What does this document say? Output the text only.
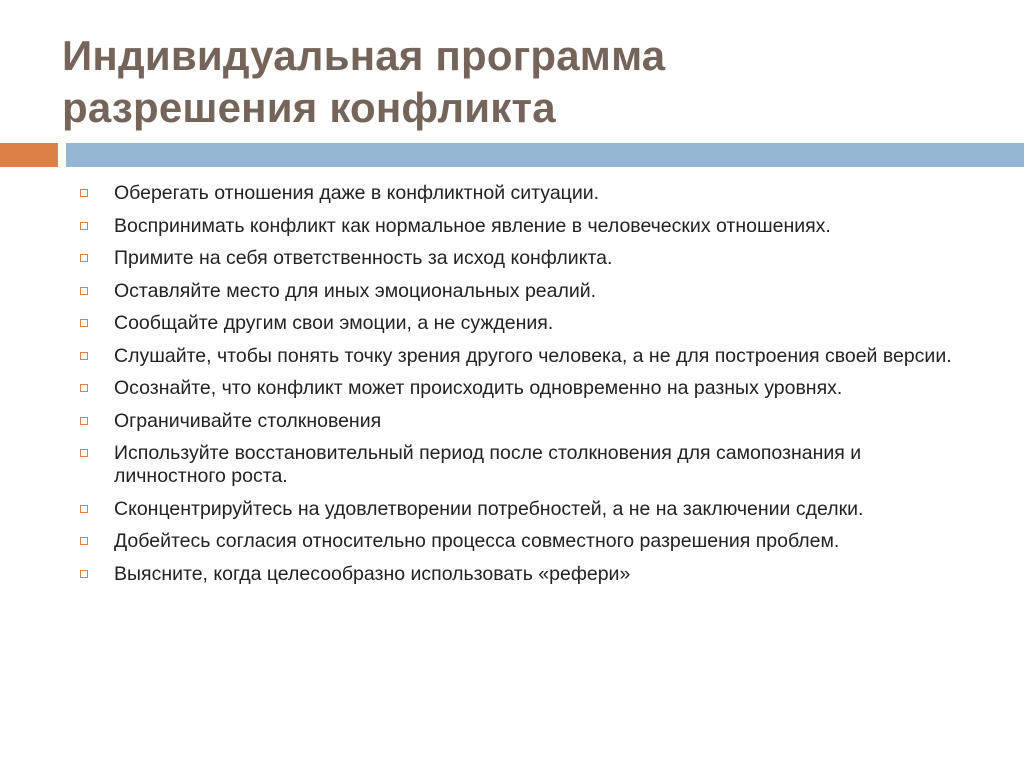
Индивидуальная программа
разрешения конфликта
Оберегать отношения даже в конфликтной ситуации.
Воспринимать конфликт как нормальное явление в человеческих отношениях.
Примите на себя ответственность за исход конфликта.
Оставляйте место для иных эмоциональных реалий.
Сообщайте другим свои эмоции, а не суждения.
Слушайте, чтобы понять точку зрения другого человека, а не для построения своей версии.
Осознайте, что конфликт может происходить одновременно на разных уровнях.
Ограничивайте столкновения
Используйте восстановительный период после столкновения для самопознания и личностного роста.
Сконцентрируйтесь на удовлетворении потребностей, а не на заключении сделки.
Добейтесь согласия относительно процесса совместного разрешения проблем.
Выясните, когда целесообразно использовать «рефери»
